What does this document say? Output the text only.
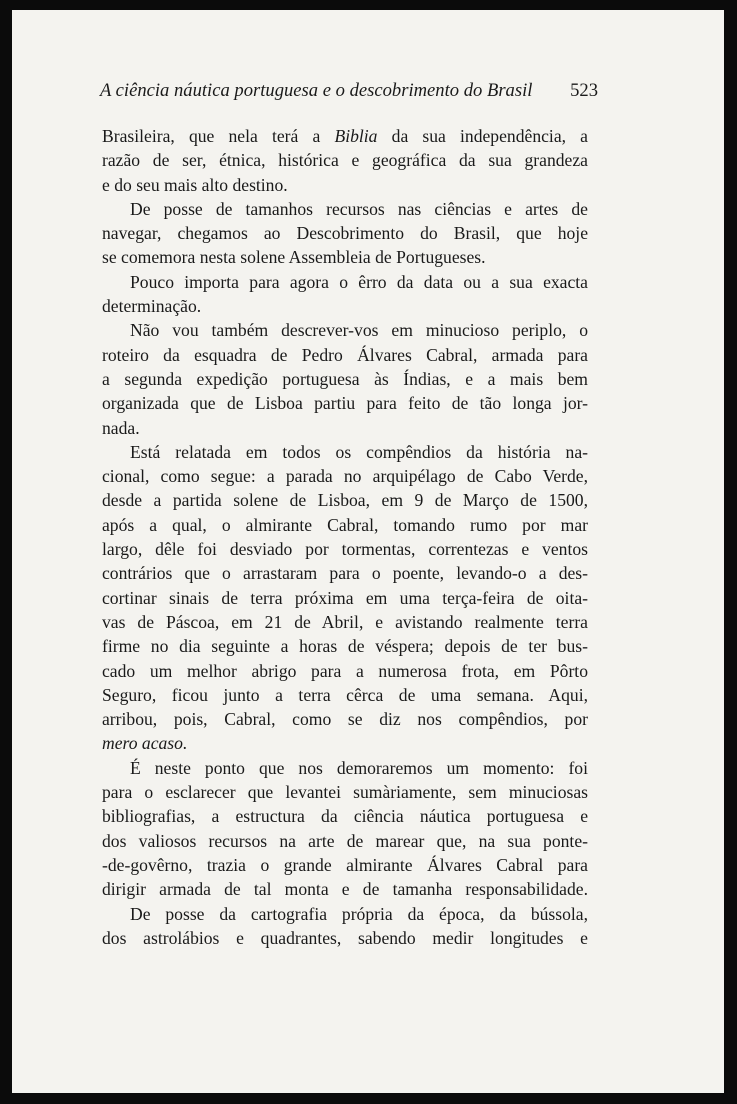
A ciência náutica portuguesa e o descobrimento do Brasil 523
Brasileira, que nela terá a Biblia da sua independência, a
razão de ser, étnica, histórica e geográfica da sua grandeza
e do seu mais alto destino.
De posse de tamanhos recursos nas ciências e artes de
navegar, chegamos ao Descobrimento do Brasil, que hoje
se comemora nesta solene Assembleia de Portugueses.
Pouco importa para agora o êrro da data ou a sua exacta
determinação.
Não vou também descrever-vos em minucioso periplo, o
roteiro da esquadra de Pedro Álvares Cabral, armada para
a segunda expedição portuguesa às Índias, e a mais bem
organizada que de Lisboa partiu para feito de tão longa jor-
nada.
Está relatada em todos os compêndios da história na-
cional, como segue: a parada no arquipélago de Cabo Verde,
desde a partida solene de Lisboa, em 9 de Março de 1500,
após a qual, o almirante Cabral, tomando rumo por mar
largo, dêle foi desviado por tormentas, correntezas e ventos
contrários que o arrastaram para o poente, levando-o a des-
cortinar sinais de terra próxima em uma terça-feira de oita-
vas de Páscoa, em 21 de Abril, e avistando realmente terra
firme no dia seguinte a horas de véspera; depois de ter bus-
cado um melhor abrigo para a numerosa frota, em Pôrto
Seguro, ficou junto a terra cêrca de uma semana. Aqui,
arribou, pois, Cabral, como se diz nos compêndios, por
mero acaso.
É neste ponto que nos demoraremos um momento: foi
para o esclarecer que levantei sumàriamente, sem minuciosas
bibliografias, a estructura da ciência náutica portuguesa e
dos valiosos recursos na arte de marear que, na sua ponte-
-de-govêrno, trazia o grande almirante Álvares Cabral para
dirigir armada de tal monta e de tamanha responsabilidade.
De posse da cartografia própria da época, da bússola,
dos astrolábios e quadrantes, sabendo medir longitudes e
